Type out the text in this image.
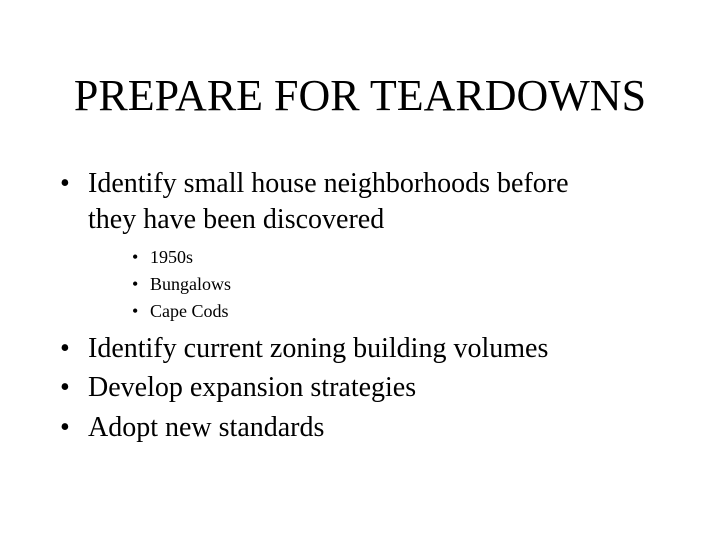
PREPARE FOR TEARDOWNS
• Identify small house neighborhoods before
they have been discovered
• 1950s
• Bungalows
• Cape Cods
• Identify current zoning building volumes
• Develop expansion strategies
• Adopt new standards
